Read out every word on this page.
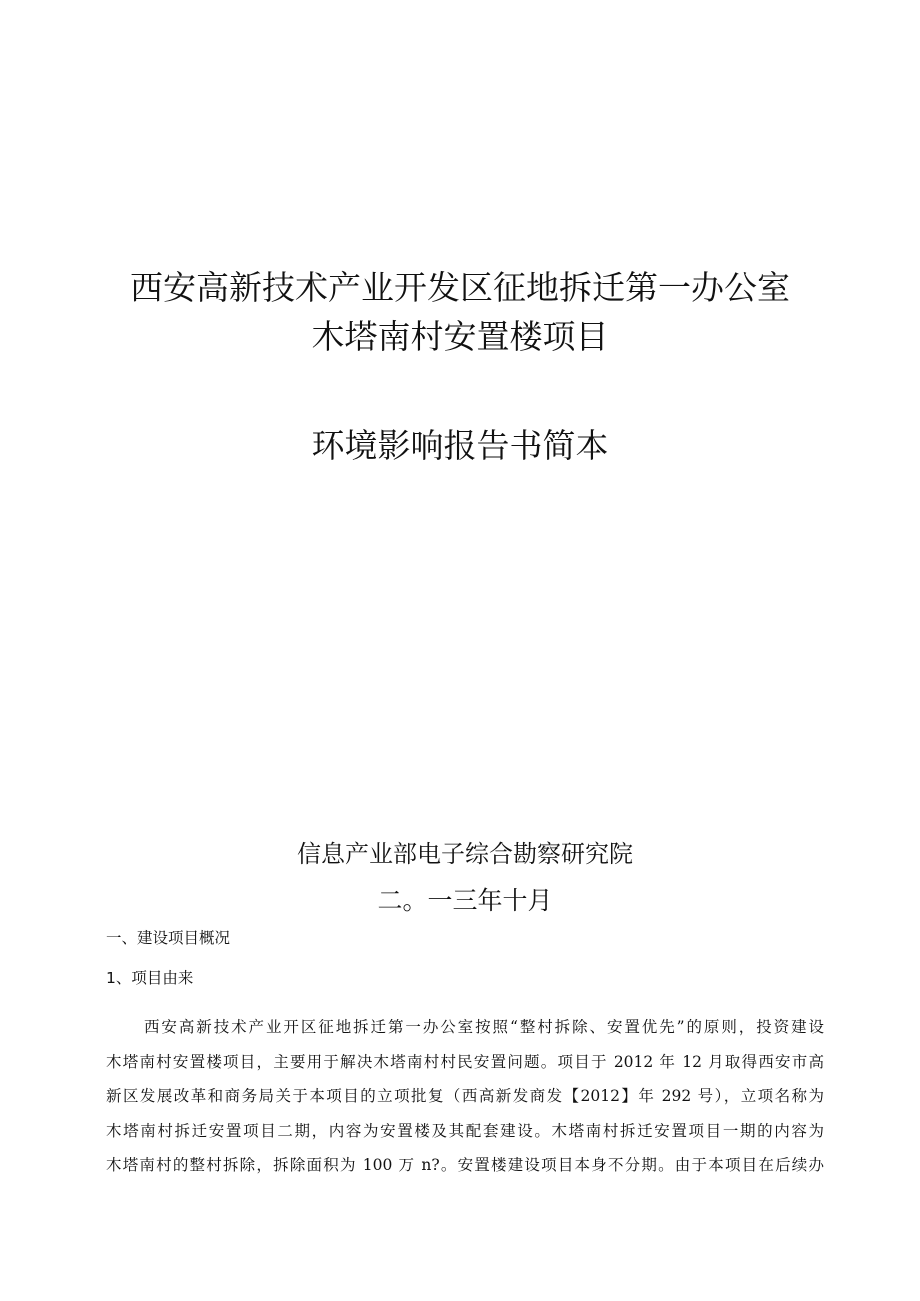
西安高新技术产业开发区征地拆迁第一办公室
木塔南村安置楼项目
环境影响报告书简本
信息产业部电子综合勘察研究院
二。一三年十月
一、建设项目概况
1、项目由来
西安高新技术产业开区征地拆迁第一办公室按照“整村拆除、安置优先”的原则，投资建设
木塔南村安置楼项目，主要用于解决木塔南村村民安置问题。项目于 2012 年 12 月取得西安市高
新区发展改革和商务局关于本项目的立项批复（西高新发商发【2012】年 292 号），立项名称为
木塔南村拆迁安置项目二期，内容为安置楼及其配套建设。木塔南村拆迁安置项目一期的内容为
木塔南村的整村拆除，拆除面积为 100 万 n?。安置楼建设项目本身不分期。由于本项目在后续办
